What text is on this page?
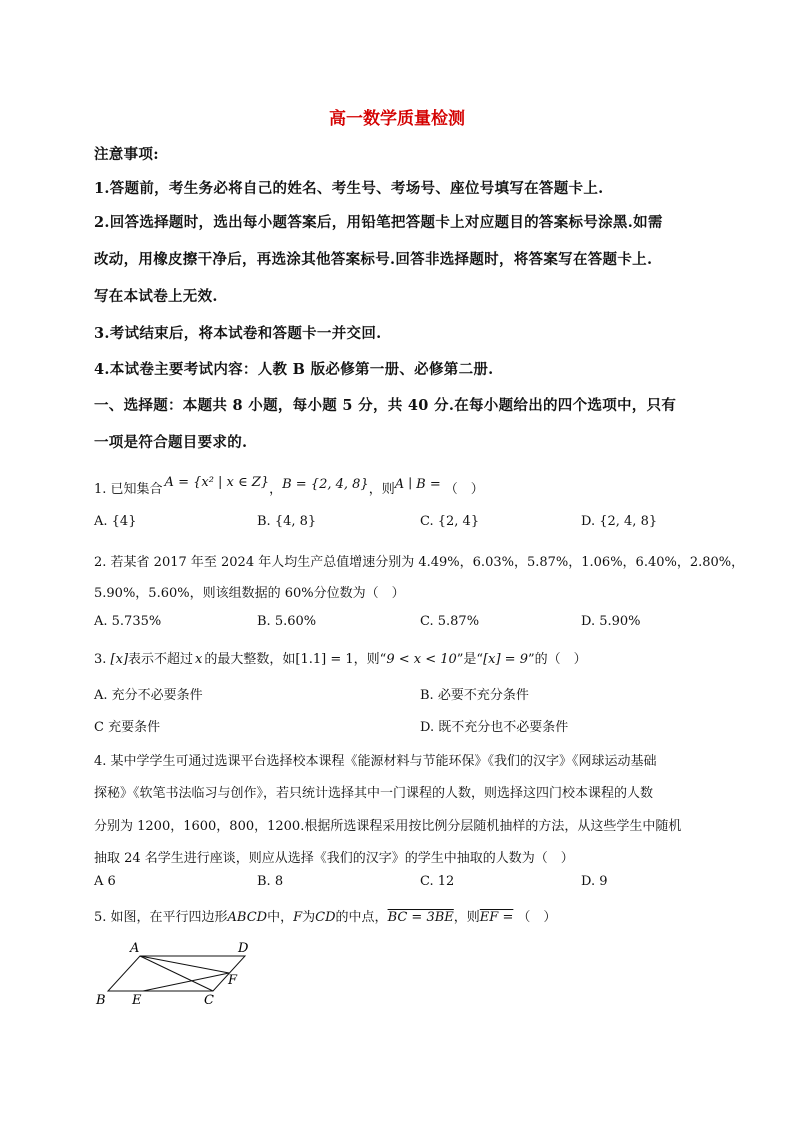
高一数学质量检测
注意事项:
1.答题前，考生务必将自己的姓名、考生号、考场号、座位号填写在答题卡上.
2.回答选择题时，选出每小题答案后，用铅笔把答题卡上对应题目的答案标号涂黑.如需
改动，用橡皮擦干净后，再选涂其他答案标号.回答非选择题时，将答案写在答题卡上.
写在本试卷上无效.
3.考试结束后，将本试卷和答题卡一并交回.
4.本试卷主要考试内容：人教 B 版必修第一册、必修第二册.
一、选择题：本题共 8 小题，每小题 5 分，共 40 分.在每小题给出的四个选项中，只有
一项是符合题目要求的.
1. 已知集合 A = {x² | x ∈ Z}，B = {2, 4, 8}，则A ∣ B = （　）
A. {4}	B. {4, 8}	C. {2, 4}	D. {2, 4, 8}
2. 若某省 2017 年至 2024 年人均生产总值增速分别为 4.49%，6.03%，5.87%，1.06%，6.40%，2.80%，
5.90%，5.60%，则该组数据的 60%分位数为（　）
A. 5.735%	B. 5.60%	C. 5.87%	D. 5.90%
3. [x]表示不超过 x 的最大整数，如[1.1] = 1，则“9 < x < 10”是“[x] = 9”的（　）
A. 充分不必要条件	B. 必要不充分条件
C 充要条件	D. 既不充分也不必要条件
4. 某中学学生可通过选课平台选择校本课程《能源材料与节能环保》《我们的汉字》《网球运动基础
探秘》《软笔书法临习与创作》，若只统计选择其中一门课程的人数，则选择这四门校本课程的人数
分别为 1200，1600，800，1200.根据所选课程采用按比例分层随机抽样的方法，从这些学生中随机
抽取 24 名学生进行座谈，则应从选择《我们的汉字》的学生中抽取的人数为（　）
A 6	B. 8	C. 12	D. 9
5. 如图，在平行四边形ABCD中，F为CD的中点，BC = 3BE，则EF = （　）
A	D
F
B E	C
